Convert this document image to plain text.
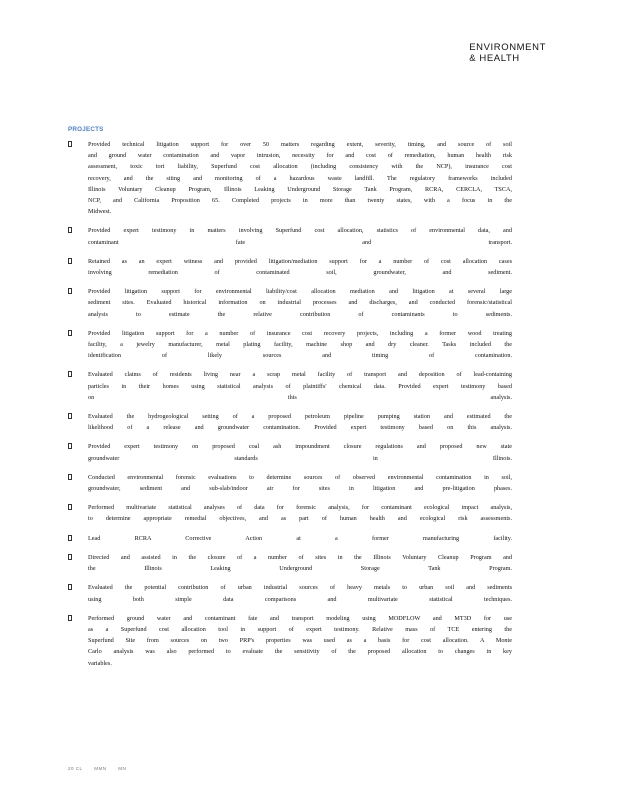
ENVIRONMENT
& HEALTH
PROJECTS
Provided technical litigation support for over 50 matters regarding extent, severity, timing, and source of soil and ground water contamination and vapor intrusion, necessity for and cost of remediation, human health risk assessment, toxic tort liability, Superfund cost allocation (including consistency with the NCP), insurance cost recovery, and the siting and monitoring of a hazardous waste landfill. The regulatory frameworks included Illinois Voluntary Cleanup Program, Illinois Leaking Underground Storage Tank Program, RCRA, CERCLA, TSCA, NCP, and California Proposition 65. Completed projects in more than twenty states, with a focus in the Midwest.
Provided expert testimony in matters involving Superfund cost allocation, statistics of environmental data, and contaminant fate and transport.
Retained as an expert witness and provided litigation/mediation support for a number of cost allocation cases involving remediation of contaminated soil, groundwater, and sediment.
Provided litigation support for environmental liability/cost allocation mediation and litigation at several large sediment sites. Evaluated historical information on industrial processes and discharges, and conducted forensic/statistical analysis to estimate the relative contribution of contaminants to sediments.
Provided litigation support for a number of insurance cost recovery projects, including a former wood treating facility, a jewelry manufacturer, metal plating facility, machine shop and dry cleaner. Tasks included the identification of likely sources and timing of contamination.
Evaluated claims of residents living near a scrap metal facility of transport and deposition of lead-containing particles in their homes using statistical analysis of plaintiffs' chemical data. Provided expert testimony based on this analysis.
Evaluated the hydrogeological setting of a proposed petroleum pipeline pumping station and estimated the likelihood of a release and groundwater contamination. Provided expert testimony based on this analysis.
Provided expert testimony on proposed coal ash impoundment closure regulations and proposed new state groundwater standards in Illinois.
Conducted environmental forensic evaluations to determine sources of observed environmental contamination in soil, groundwater, sediment and sub-slab/indoor air for sites in litigation and pre-litigation phases.
Performed multivariate statistical analyses of data for forensic analysis, for contaminant ecological impact analysis, to determine appropriate remedial objectives, and as part of human health and ecological risk assessments.
Lead RCRA Corrective Action at a former manufacturing facility.
Directed and assisted in the closure of a number of sites in the Illinois Voluntary Cleanup Program and the Illinois Leaking Underground Storage Tank Program.
Evaluated the potential contribution of urban industrial sources of heavy metals to urban soil and sediments using both simple data comparisons and multivariate statistical techniques.
Performed ground water and contaminant fate and transport modeling using MODFLOW and MT3D for use as a Superfund cost allocation tool in support of expert testimony. Relative mass of TCE entering the Superfund Site from sources on two PRP's properties was used as a basis for cost allocation. A Monte Carlo analysis was also performed to evaluate the sensitivity of the proposed allocation to changes in key variables.
20 CL	MMN	MN
